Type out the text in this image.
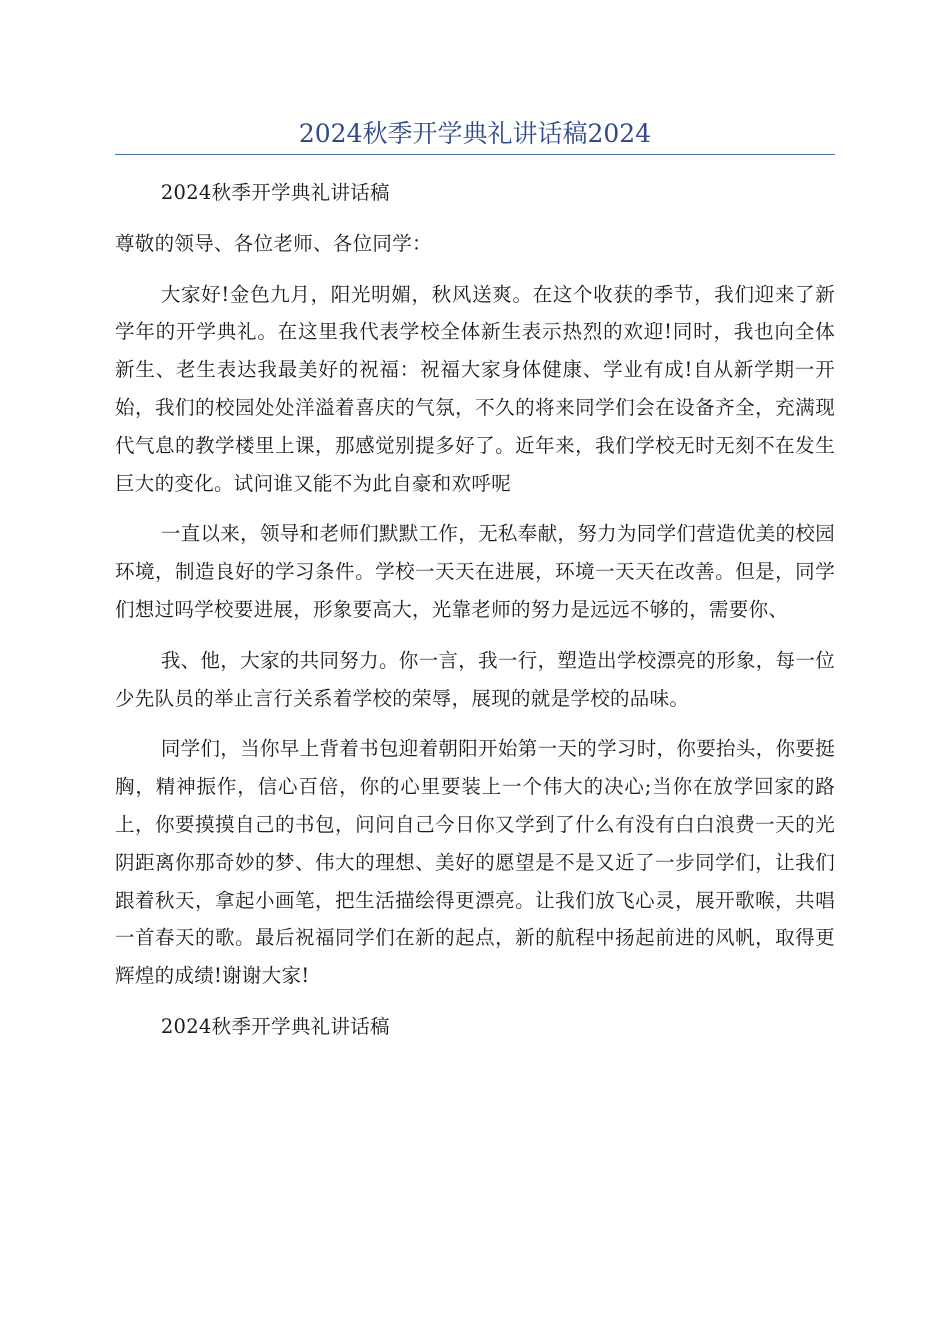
2024秋季开学典礼讲话稿2024

2024秋季开学典礼讲话稿

尊敬的领导、各位老师、各位同学：

大家好!金色九月，阳光明媚，秋风送爽。在这个收获的季节，我们迎来了新学年的开学典礼。在这里我代表学校全体新生表示热烈的欢迎!同时，我也向全体新生、老生表达我最美好的祝福：祝福大家身体健康、学业有成!自从新学期一开始，我们的校园处处洋溢着喜庆的气氛，不久的将来同学们会在设备齐全，充满现代气息的教学楼里上课，那感觉别提多好了。近年来，我们学校无时无刻不在发生巨大的变化。试问谁又能不为此自豪和欢呼呢

一直以来，领导和老师们默默工作，无私奉献，努力为同学们营造优美的校园环境，制造良好的学习条件。学校一天天在进展，环境一天天在改善。但是，同学们想过吗学校要进展，形象要高大，光靠老师的努力是远远不够的，需要你、

我、他，大家的共同努力。你一言，我一行，塑造出学校漂亮的形象，每一位少先队员的举止言行关系着学校的荣辱，展现的就是学校的品味。

同学们，当你早上背着书包迎着朝阳开始第一天的学习时，你要抬头，你要挺胸，精神振作，信心百倍，你的心里要装上一个伟大的决心;当你在放学回家的路上，你要摸摸自己的书包，问问自己今日你又学到了什么有没有白白浪费一天的光阴距离你那奇妙的梦、伟大的理想、美好的愿望是不是又近了一步同学们，让我们跟着秋天，拿起小画笔，把生活描绘得更漂亮。让我们放飞心灵，展开歌喉，共唱一首春天的歌。最后祝福同学们在新的起点，新的航程中扬起前进的风帆，取得更辉煌的成绩!谢谢大家!

2024秋季开学典礼讲话稿
